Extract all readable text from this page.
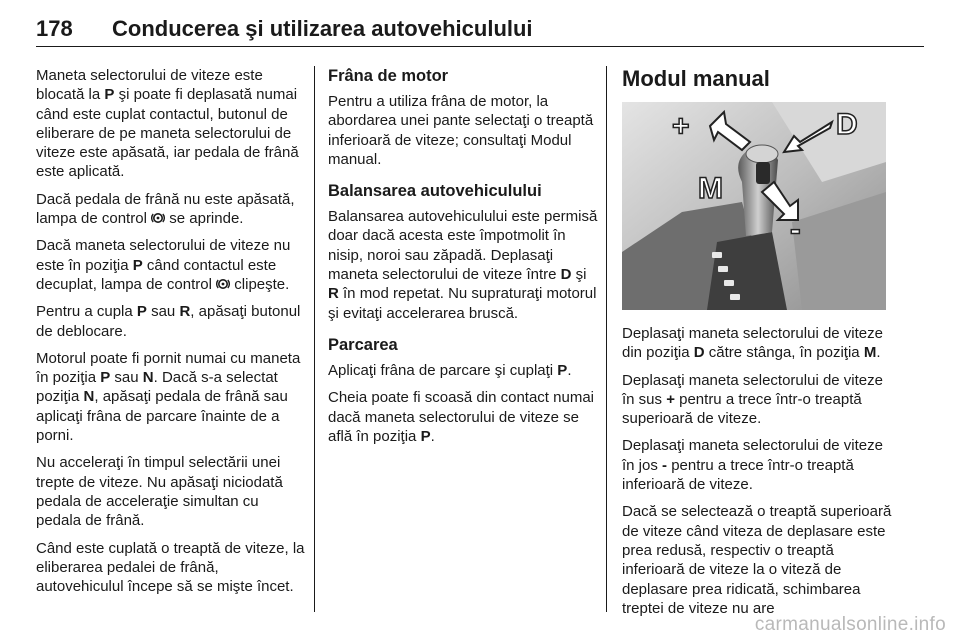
178 Conducerea şi utilizarea autovehiculului

Maneta selectorului de viteze este blocată la P şi poate fi deplasată numai când este cuplat contactul, butonul de eliberare de pe maneta selectorului de viteze este apăsată, iar pedala de frână este aplicată.

Dacă pedala de frână nu este apăsată, lampa de control  se aprinde.

Dacă maneta selectorului de viteze nu este în poziţia P când contactul este decuplat, lampa de control  clipeşte.

Pentru a cupla P sau R, apăsaţi butonul de deblocare.

Motorul poate fi pornit numai cu maneta în poziţia P sau N. Dacă s-a selectat poziţia N, apăsaţi pedala de frână sau aplicaţi frâna de parcare înainte de a porni.

Nu acceleraţi în timpul selectării unei trepte de viteze. Nu apăsaţi niciodată pedala de acceleraţie simultan cu pedala de frână.

Când este cuplată o treaptă de viteze, la eliberarea pedalei de frână, autovehiculul începe să se mişte încet.

Frâna de motor

Pentru a utiliza frâna de motor, la abordarea unei pante selectaţi o treaptă inferioară de viteze; consultaţi Modul manual.

Balansarea autovehiculului

Balansarea autovehiculului este permisă doar dacă acesta este împotmolit în nisip, noroi sau zăpadă. Deplasaţi maneta selectorului de viteze între D şi R în mod repetat. Nu supraturaţi motorul şi evitaţi accelerarea bruscă.

Parcarea

Aplicaţi frâna de parcare şi cuplaţi P.

Cheia poate fi scoasă din contact numai dacă maneta selectorului de viteze se află în poziţia P.

Modul manual
+	D
M
-

Deplasaţi maneta selectorului de viteze din poziţia D către stânga, în poziţia M.

Deplasaţi maneta selectorului de viteze în sus + pentru a trece într-o treaptă superioară de viteze.

Deplasaţi maneta selectorului de viteze în jos - pentru a trece într-o treaptă inferioară de viteze.

Dacă se selectează o treaptă superioară de viteze când viteza de deplasare este prea redusă, respectiv o treaptă inferioară de viteze la o viteză de deplasare prea ridicată, schimbarea treptei de viteze nu are

carmanualsonline.info
